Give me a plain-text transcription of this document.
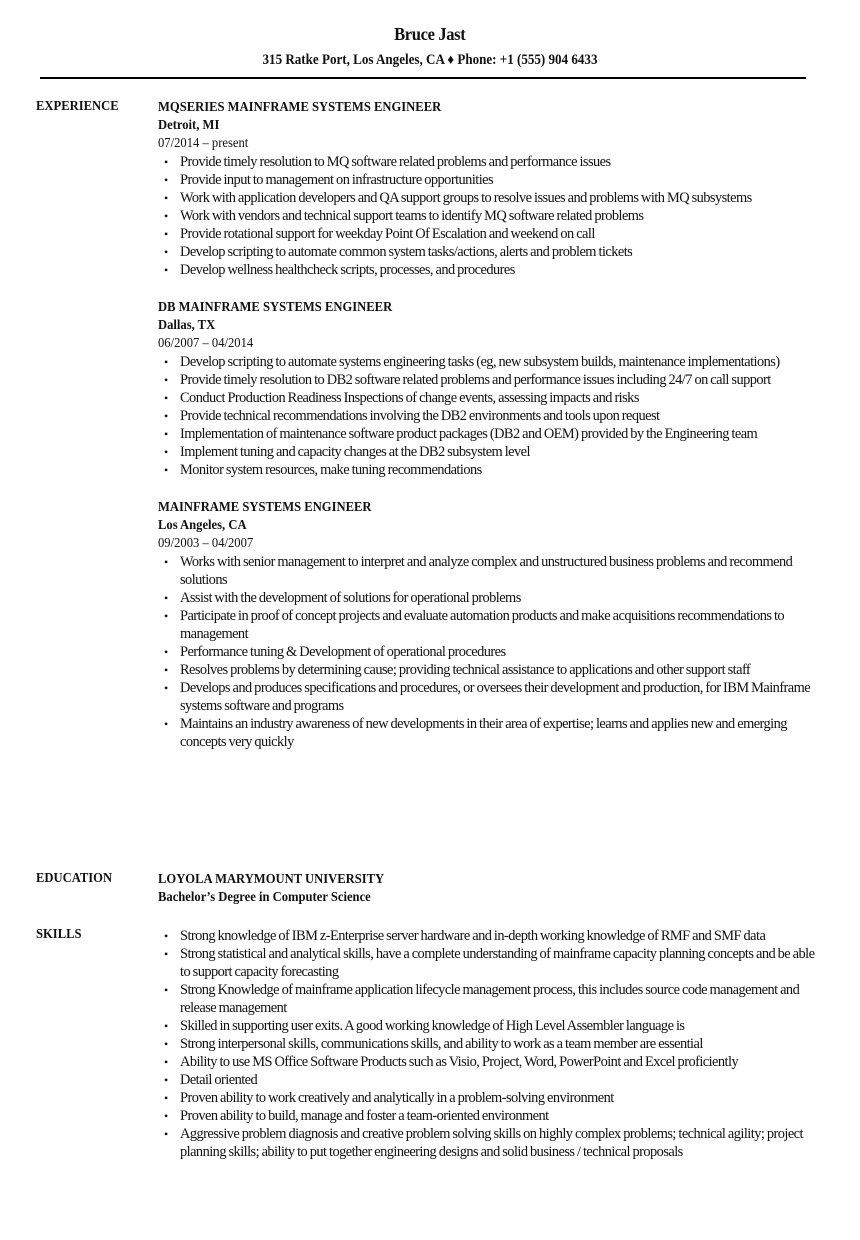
Bruce Jast
315 Ratke Port, Los Angeles, CA ♦ Phone: +1 (555) 904 6433
EXPERIENCE	MQSERIES MAINFRAME SYSTEMS ENGINEER
Detroit, MI
07/2014 – present
• Provide timely resolution to MQ software related problems and performance issues
• Provide input to management on infrastructure opportunities
• Work with application developers and QA support groups to resolve issues and problems with MQ subsystems
• Work with vendors and technical support teams to identify MQ software related problems
• Provide rotational support for weekday Point Of Escalation and weekend on call
• Develop scripting to automate common system tasks/actions, alerts and problem tickets
• Develop wellness healthcheck scripts, processes, and procedures
DB MAINFRAME SYSTEMS ENGINEER
Dallas, TX
06/2007 – 04/2014
• Develop scripting to automate systems engineering tasks (eg, new subsystem builds, maintenance implementations)
• Provide timely resolution to DB2 software related problems and performance issues including 24/7 on call support
• Conduct Production Readiness Inspections of change events, assessing impacts and risks
• Provide technical recommendations involving the DB2 environments and tools upon request
• Implementation of maintenance software product packages (DB2 and OEM) provided by the Engineering team
• Implement tuning and capacity changes at the DB2 subsystem level
• Monitor system resources, make tuning recommendations
MAINFRAME SYSTEMS ENGINEER
Los Angeles, CA
09/2003 – 04/2007
• Works with senior management to interpret and analyze complex and unstructured business problems and recommend solutions
• Assist with the development of solutions for operational problems
• Participate in proof of concept projects and evaluate automation products and make acquisitions recommendations to management
• Performance tuning & Development of operational procedures
• Resolves problems by determining cause; providing technical assistance to applications and other support staff
• Develops and produces specifications and procedures, or oversees their development and production, for IBM Mainframe systems software and programs
• Maintains an industry awareness of new developments in their area of expertise; learns and applies new and emerging concepts very quickly
EDUCATION	LOYOLA MARYMOUNT UNIVERSITY
Bachelor’s Degree in Computer Science
SKILLS	• Strong knowledge of IBM z-Enterprise server hardware and in-depth working knowledge of RMF and SMF data
• Strong statistical and analytical skills, have a complete understanding of mainframe capacity planning concepts and be able to support capacity forecasting
• Strong Knowledge of mainframe application lifecycle management process, this includes source code management and release management
• Skilled in supporting user exits. A good working knowledge of High Level Assembler language is
• Strong interpersonal skills, communications skills, and ability to work as a team member are essential
• Ability to use MS Office Software Products such as Visio, Project, Word, PowerPoint and Excel proficiently
• Detail oriented
• Proven ability to work creatively and analytically in a problem-solving environment
• Proven ability to build, manage and foster a team-oriented environment
• Aggressive problem diagnosis and creative problem solving skills on highly complex problems; technical agility; project planning skills; ability to put together engineering designs and solid business / technical proposals
